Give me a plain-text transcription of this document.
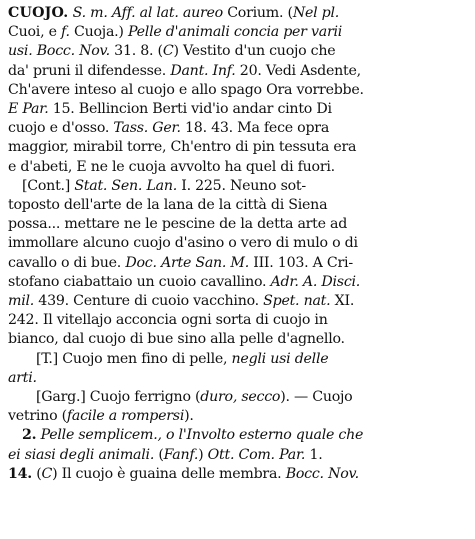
CUOJO. S. m. Aff. al lat. aureo Corium. (Nel pl.
Cuoi, e f. Cuoja.) Pelle d'animali concia per varii
usi. Bocc. Nov. 31. 8. (C) Vestito d'un cuojo che
da' pruni il difendesse. Dant. Inf. 20. Vedi Asdente,
Ch'avere inteso al cuojo e allo spago Ora vorrebbe.
E Par. 15. Bellincion Berti vid'io andar cinto Di
cuojo e d'osso. Tass. Ger. 18. 43. Ma fece opra
maggior, mirabil torre, Ch'entro di pin tessuta era
e d'abeti, E ne le cuoja avvolto ha quel di fuori.
[Cont.] Stat. Sen. Lan. I. 225. Neuno sot-
toposto dell'arte de la lana de la città di Siena
possa... mettare ne le pescine de la detta arte ad
immollare alcuno cuojo d'asino o vero di mulo o di
cavallo o di bue. Doc. Arte San. M. III. 103. A Cri-
stofano ciabattaio un cuoio cavallino. Adr. A. Disci.
mil. 439. Centure di cuoio vacchino. Spet. nat. XI.
242. Il vitellajo acconcia ogni sorta di cuojo in
bianco, dal cuojo di bue sino alla pelle d'agnello.
[T.] Cuojo men fino di pelle, negli usi delle
arti.
[Garg.] Cuojo ferrigno (duro, secco). — Cuojo
vetrino (facile a rompersi).
2. Pelle semplicem., o l'Involto esterno quale che
ei siasi degli animali. (Fanf.) Ott. Com. Par. 1.
14. (C) Il cuojo è guaina delle membra. Bocc. Nov.
